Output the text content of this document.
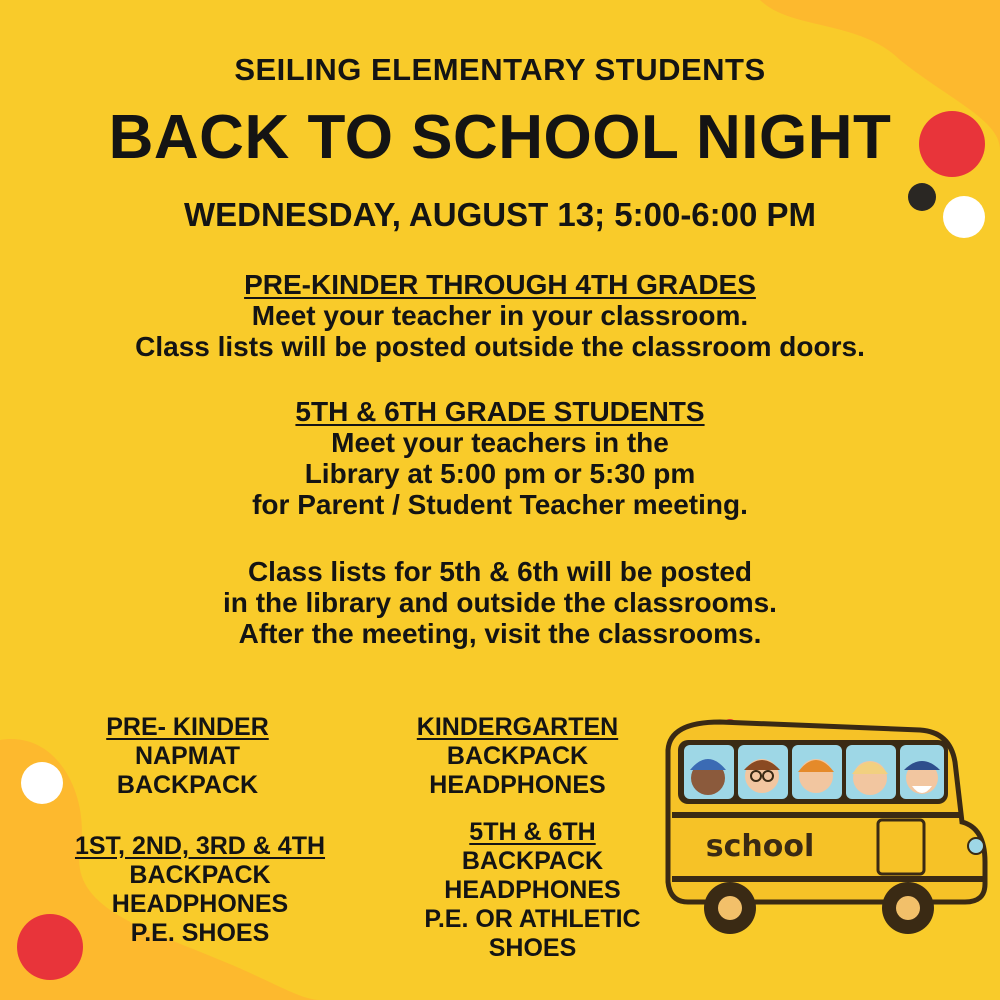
SEILING ELEMENTARY STUDENTS
BACK TO SCHOOL NIGHT
WEDNESDAY, AUGUST 13; 5:00-6:00 PM
PRE-KINDER THROUGH 4TH GRADES
Meet your teacher in your classroom.
Class lists will be posted outside the classroom doors.
5TH & 6TH GRADE STUDENTS
Meet your teachers in the
Library at 5:00 pm or 5:30 pm
for Parent / Student Teacher meeting.
Class lists for 5th & 6th will be posted
in the library and outside the classrooms.
After the meeting, visit the classrooms.
PRE- KINDER
NAPMAT
BACKPACK
KINDERGARTEN
BACKPACK
HEADPHONES
1ST, 2ND, 3RD & 4TH
BACKPACK
HEADPHONES
P.E. SHOES
5TH & 6TH
BACKPACK
HEADPHONES
P.E. OR ATHLETIC
SHOES
school
